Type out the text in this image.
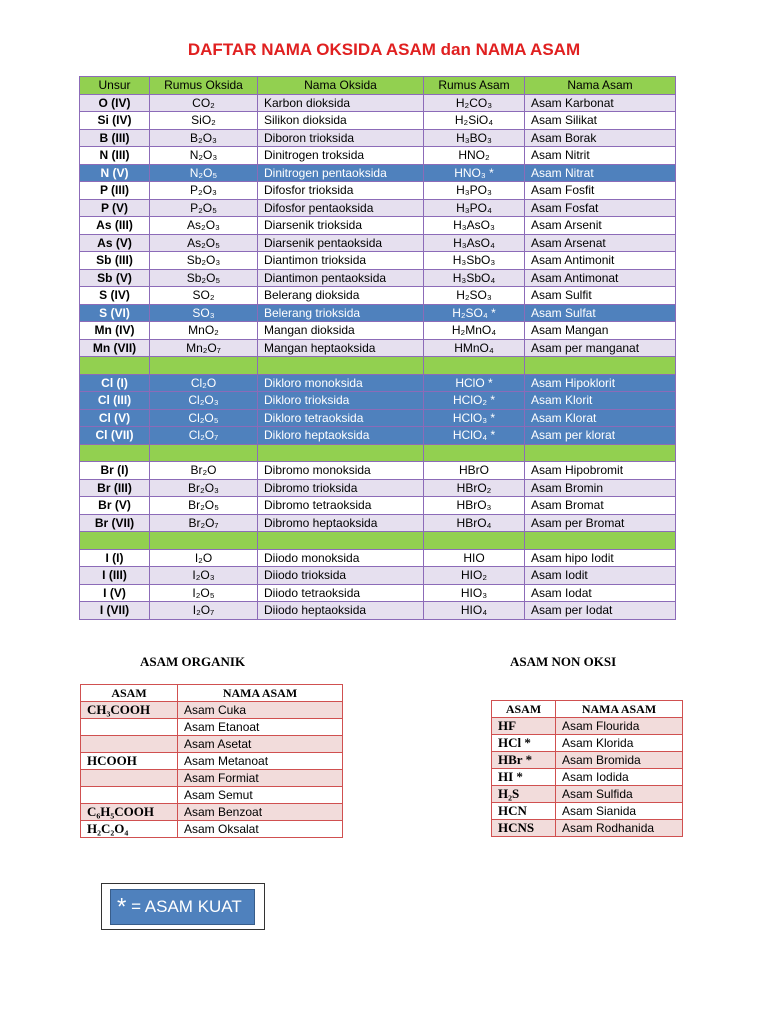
DAFTAR NAMA OKSIDA ASAM dan NAMA ASAM
Unsur	Rumus Oksida	Nama Oksida	Rumus Asam	Nama Asam
O (IV)	CO₂	Karbon dioksida	H₂CO₃	Asam Karbonat
Si (IV)	SiO₂	Silikon dioksida	H₂SiO₄	Asam Silikat
B (III)	B₂O₃	Diboron trioksida	H₃BO₃	Asam Borak
N (III)	N₂O₃	Dinitrogen troksida	HNO₂	Asam Nitrit
N (V)	N₂O₅	Dinitrogen pentaoksida	HNO₃ *	Asam Nitrat
P (III)	P₂O₃	Difosfor trioksida	H₃PO₃	Asam Fosfit
P (V)	P₂O₅	Difosfor pentaoksida	H₃PO₄	Asam Fosfat
As (III)	As₂O₃	Diarsenik trioksida	H₃AsO₃	Asam Arsenit
As (V)	As₂O₅	Diarsenik pentaoksida	H₃AsO₄	Asam Arsenat
Sb (III)	Sb₂O₃	Diantimon trioksida	H₃SbO₃	Asam Antimonit
Sb (V)	Sb₂O₅	Diantimon pentaoksida	H₃SbO₄	Asam Antimonat
S (IV)	SO₂	Belerang dioksida	H₂SO₃	Asam Sulfit
S (VI)	SO₃	Belerang trioksida	H₂SO₄ *	Asam Sulfat
Mn (IV)	MnO₂	Mangan dioksida	H₂MnO₄	Asam Mangan
Mn (VII)	Mn₂O₇	Mangan heptaoksida	HMnO₄	Asam per manganat

Cl (I)	Cl₂O	Dikloro monoksida	HClO *	Asam Hipoklorit
Cl (III)	Cl₂O₃	Dikloro trioksida	HClO₂ *	Asam Klorit
Cl (V)	Cl₂O₅	Dikloro tetraoksida	HClO₃ *	Asam Klorat
Cl (VII)	Cl₂O₇	Dikloro heptaoksida	HClO₄ *	Asam per klorat

Br (I)	Br₂O	Dibromo monoksida	HBrO	Asam Hipobromit
Br (III)	Br₂O₃	Dibromo trioksida	HBrO₂	Asam Bromin
Br (V)	Br₂O₅	Dibromo tetraoksida	HBrO₃	Asam Bromat
Br (VII)	Br₂O₇	Dibromo heptaoksida	HBrO₄	Asam per Bromat

I (I)	I₂O	Diiodo monoksida	HIO	Asam hipo Iodit
I (III)	I₂O₃	Diiodo trioksida	HIO₂	Asam Iodit
I (V)	I₂O₅	Diiodo tetraoksida	HIO₃	Asam Iodat
I (VII)	I₂O₇	Diiodo heptaoksida	HIO₄	Asam per Iodat
ASAM ORGANIK	ASAM NON OKSI
ASAM	NAMA ASAM
CH₃COOH	Asam Cuka
	Asam Etanoat
	Asam Asetat
HCOOH	Asam Metanoat
	Asam Formiat
	Asam Semut
C₆H₅COOH	Asam Benzoat
H₂C₂O₄	Asam Oksalat
ASAM	NAMA ASAM
HF	Asam Flourida
HCl *	Asam Klorida
HBr *	Asam Bromida
HI *	Asam Iodida
H₂S	Asam Sulfida
HCN	Asam Sianida
HCNS	Asam Rodhanida
* = ASAM KUAT
